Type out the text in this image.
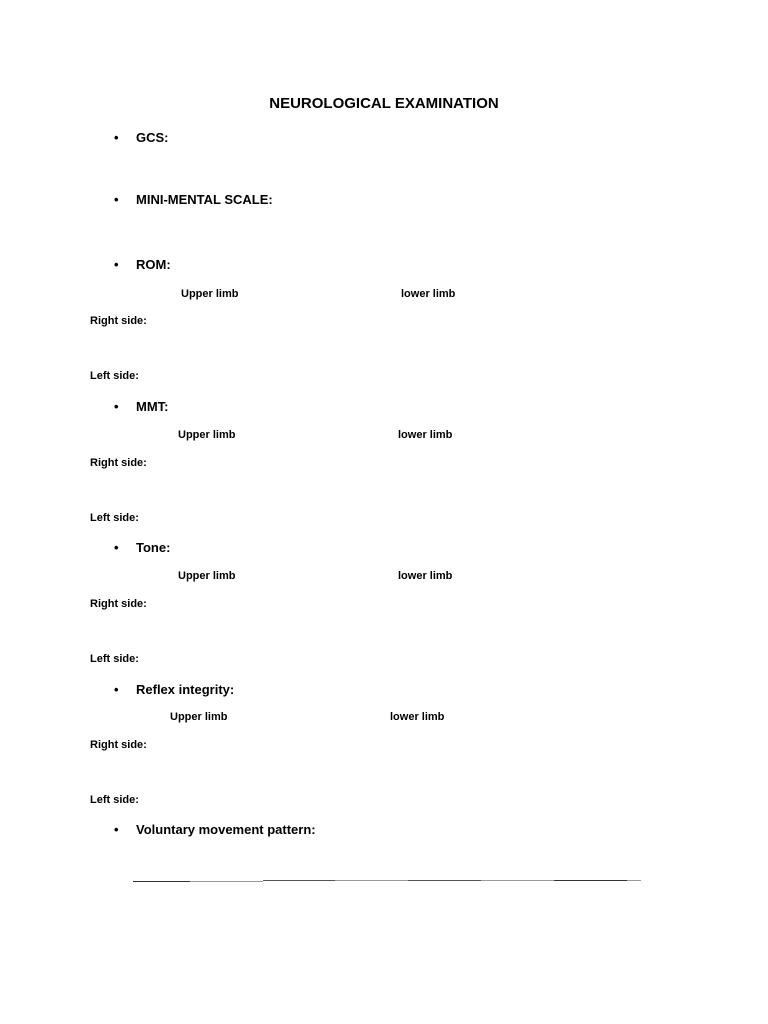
NEUROLOGICAL EXAMINATION
• GCS:
• MINI-MENTAL SCALE:
• ROM:
Upper limb	lower limb
Right side:
Left side:
• MMT:
Upper limb	lower limb
Right side:
Left side:
• Tone:
Upper limb	lower limb
Right side:
Left side:
• Reflex integrity:
Upper limb	lower limb
Right side:
Left side:
• Voluntary movement pattern:
